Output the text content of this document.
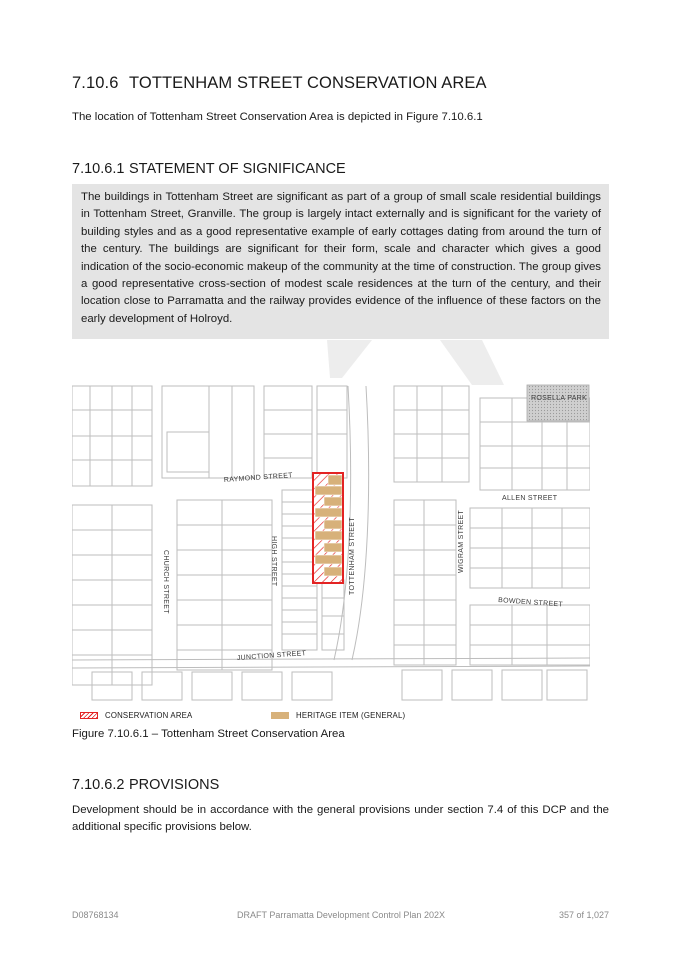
7.10.6 TOTTENHAM STREET CONSERVATION AREA
The location of Tottenham Street Conservation Area is depicted in Figure 7.10.6.1
7.10.6.1 STATEMENT OF SIGNIFICANCE

The buildings in Tottenham Street are significant as part of a group of small scale residential buildings in Tottenham Street, Granville. The group is largely intact externally and is significant for the variety of building styles and as a good representative example of early cottages dating from around the turn of the century. The buildings are significant for their form, scale and character which gives a good indication of the socio-economic makeup of the community at the time of construction. The group gives a good representative cross-section of modest scale residences at the turn of the century, and their location close to Parramatta and the railway provides evidence of the influence of these factors on the early development of Holroyd.

RAYMOND STREET
ALLEN STREET
CHURCH STREET	HIGH STREET	TOTTENHAM STREET	WIGRAM STREET
BOWDEN STREET
JUNCTION STREET
ROSELLA PARK
CONSERVATION AREA	HERITAGE ITEM (GENERAL)
Figure 7.10.6.1 – Tottenham Street Conservation Area
7.10.6.2 PROVISIONS

Development should be in accordance with the general provisions under section 7.4 of this DCP and the additional specific provisions below.

D08768134	DRAFT Parramatta Development Control Plan 202X	357 of 1,027
